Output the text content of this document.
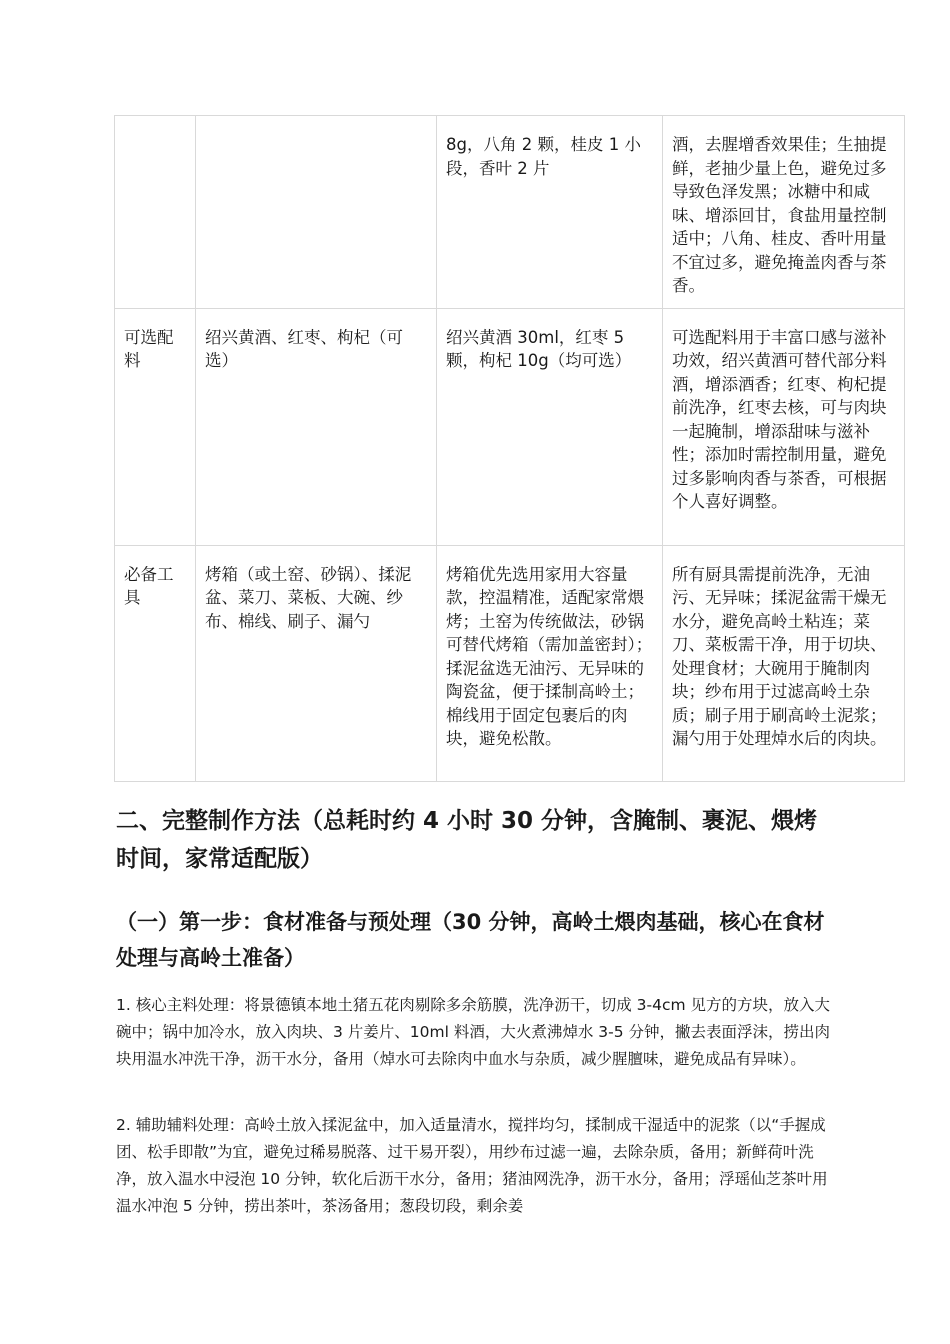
		8g，八角 2 颗，桂皮 1 小段，香叶 2 片	酒，去腥增香效果佳；生抽提鲜，老抽少量上色，避免过多导致色泽发黑；冰糖中和咸味、增添回甘，食盐用量控制适中；八角、桂皮、香叶用量不宜过多，避免掩盖肉香与茶香。
可选配料	绍兴黄酒、红枣、枸杞（可选）	绍兴黄酒 30ml，红枣 5 颗，枸杞 10g（均可选）	可选配料用于丰富口感与滋补功效，绍兴黄酒可替代部分料酒，增添酒香；红枣、枸杞提前洗净，红枣去核，可与肉块一起腌制，增添甜味与滋补性；添加时需控制用量，避免过多影响肉香与茶香，可根据个人喜好调整。
必备工具	烤箱（或土窑、砂锅）、揉泥盆、菜刀、菜板、大碗、纱布、棉线、刷子、漏勺	烤箱优先选用家用大容量款，控温精准，适配家常煨烤；土窑为传统做法，砂锅可替代烤箱（需加盖密封）；揉泥盆选无油污、无异味的陶瓷盆，便于揉制高岭土；棉线用于固定包裹后的肉块，避免松散。	所有厨具需提前洗净，无油污、无异味；揉泥盆需干燥无水分，避免高岭土粘连；菜刀、菜板需干净，用于切块、处理食材；大碗用于腌制肉块；纱布用于过滤高岭土杂质；刷子用于刷高岭土泥浆；漏勺用于处理焯水后的肉块。
二、完整制作方法（总耗时约 4 小时 30 分钟，含腌制、裹泥、煨烤时间，家常适配版）
（一）第一步：食材准备与预处理（30 分钟，高岭土煨肉基础，核心在食材处理与高岭土准备）

1. 核心主料处理：将景德镇本地土猪五花肉剔除多余筋膜，洗净沥干，切成 3-4cm 见方的方块，放入大碗中；锅中加冷水，放入肉块、3 片姜片、10ml 料酒，大火煮沸焯水 3-5 分钟，撇去表面浮沫，捞出肉块用温水冲洗干净，沥干水分，备用（焯水可去除肉中血水与杂质，减少腥膻味，避免成品有异味）。

2. 辅助辅料处理：高岭土放入揉泥盆中，加入适量清水，搅拌均匀，揉制成干湿适中的泥浆（以“手握成团、松手即散”为宜，避免过稀易脱落、过干易开裂），用纱布过滤一遍，去除杂质，备用；新鲜荷叶洗净，放入温水中浸泡 10 分钟，软化后沥干水分，备用；猪油网洗净，沥干水分，备用；浮瑶仙芝茶叶用温水冲泡 5 分钟，捞出茶叶，茶汤备用；葱段切段，剩余姜
